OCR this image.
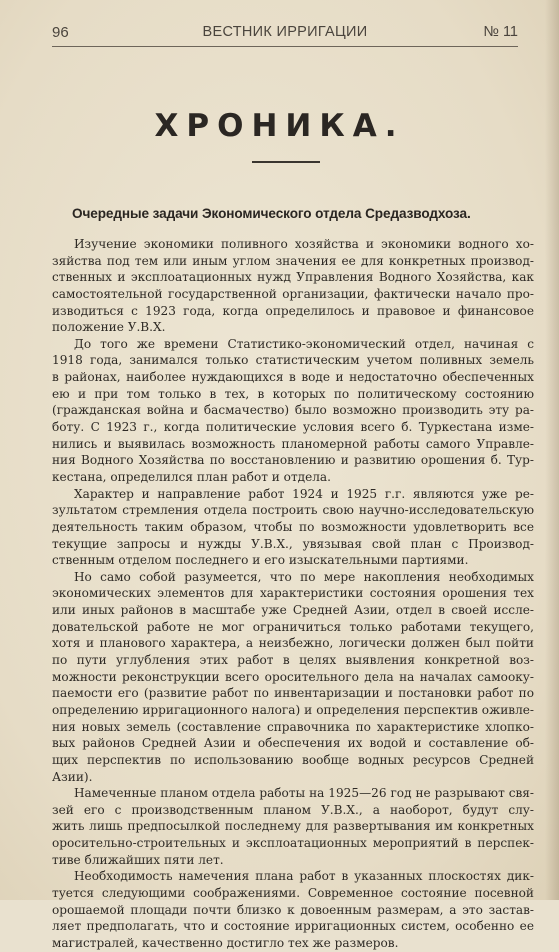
96	ВЕСТНИК ИРРИГАЦИИ	№ 11
ХРОНИКА.
Очередные задачи Экономического отдела Средазводхоза.
Изучение экономики поливного хозяйства и экономики водного хо-
зяйства под тем или иным углом значения ее для конкретных производ-
ственных и эксплоатационных нужд Управления Водного Хозяйства, как
самостоятельной государственной организации, фактически начало про-
изводиться с 1923 года, когда определилось и правовое и финансовое
положение У.В.Х.
До того же времени Статистико-экономический отдел, начиная с
1918 года, занимался только статистическим учетом поливных земель
в районах, наиболее нуждающихся в воде и недостаточно обеспеченных
ею и при том только в тех, в которых по политическому состоянию
(гражданская война и басмачество) было возможно производить эту ра-
боту. С 1923 г., когда политические условия всего б. Туркестана изме-
нились и выявилась возможность планомерной работы самого Управле-
ния Водного Хозяйства по восстановлению и развитию орошения б. Тур-
кестана, определился план работ и отдела.
Характер и направление работ 1924 и 1925 г.г. являются уже ре-
зультатом стремления отдела построить свою научно-исследовательскую
деятельность таким образом, чтобы по возможности удовлетворить все
текущие запросы и нужды У.В.Х., увязывая свой план с Производ-
ственным отделом последнего и его изыскательными партиями.
Но само собой разумеется, что по мере накопления необходимых
экономических элементов для характеристики состояния орошения тех
или иных районов в масштабе уже Средней Азии, отдел в своей иссле-
довательской работе не мог ограничиться только работами текущего,
хотя и планового характера, а неизбежно, логически должен был пойти
по пути углубления этих работ в целях выявления конкретной воз-
можности реконструкции всего оросительного дела на началах самооку-
паемости его (развитие работ по инвентаризации и постановки работ по
определению ирригационного налога) и определения перспектив оживле-
ния новых земель (составление справочника по характеристике хлопко-
вых районов Средней Азии и обеспечения их водой и составление об-
щих перспектив по использованию вообще водных ресурсов Средней
Азии).
Намеченные планом отдела работы на 1925—26 год не разрывают свя-
зей его с производственным планом У.В.Х., а наоборот, будут слу-
жить лишь предпосылкой последнему для развертывания им конкретных
оросительно-строительных и эксплоатационных мероприятий в перспек-
тиве ближайших пяти лет.
Необходимость намечения плана работ в указанных плоскостях дик-
туется следующими соображениями. Современное состояние посевной
орошаемой площади почти близко к довоенным размерам, а это застав-
ляет предполагать, что и состояние ирригационных систем, особенно ее
магистралей, качественно достигло тех же размеров.
